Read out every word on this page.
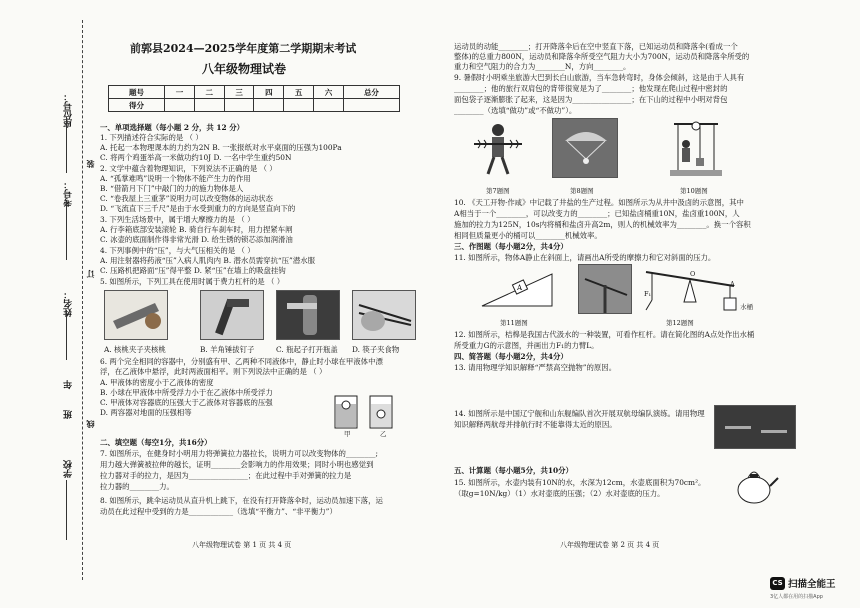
座位号：
考号：
姓名：
年
班
学校
装
订
线
前郭县2024—2025学年度第二学期期末考试
八年级物理试卷
题号	一	二	三	四	五	六	总分
得分							
一、单项选择题（每小题 2 分，共 12 分）
1. 下列描述符合实际的是 （ ）
A. 托起一本物理课本的力约为2N B. 一张报纸对水平桌面的压强为100Pa
C. 将两个鸡蛋举高一米做功约10J D. 一名中学生重约50N
2. 文学中蕴含着物理知识，下列说法不正确的是 （ ）
A. “孤掌难鸣”说明一个物体不能产生力的作用
B. “借箭月下门”中敲门的力的施力物体是人
C. “卷我屋上三重茅”说明力可以改变物体的运动状态
D. “飞流直下三千尺”是由于水受到重力的方向是竖直向下的
3. 下列生活场景中，属于增大摩擦力的是 （ ）
A. 行李箱底部安装滚轮 B. 骑自行车刹车时，用力捏紧车闸
C. 冰壶的底面制作得非常光滑 D. 给生锈的锁芯添加润滑油
4. 下列事例中的“压”，与大气压相关的是 （ ）
A. 用注射器将药液“压”入病人肌肉内 B. 潜水员需穿抗“压”潜水服
C. 压路机把路面“压”得平整 D. 紧“压”在墙上的吸盘挂钩
5. 如图所示，下列工具在使用时属于费力杠杆的是 （ ）
A. 核桃夹子夹核桃	B. 羊角锤拔钉子	C. 瓶起子打开瓶盖 D. 筷子夹食物
6. 两个完全相同的容器中，分别盛有甲、乙两种不同液体中，静止时小球在甲液体中漂
浮，在乙液体中悬浮，此时两液面相平。则下列说法中正确的是 （ ）
A. 甲液体的密度小于乙液体的密度
B. 小球在甲液体中所受浮力小于在乙液体中所受浮力
C. 甲液体对容器底的压强大于乙液体对容器底的压强
D. 两容器对地面的压强相等
甲	乙
二、填空题（每空1分，共16分）
7. 如图所示，在健身时小明用力将弹簧拉力器拉长，说明力可以改变物体的________;
用力越大弹簧被拉伸的越长，证明________会影响力的作用效果；同时小明也感觉到
拉力器对手的拉力，是因为________________；在此过程中手对弹簧的拉力是
拉力器的________力。
8. 如图所示，跳伞运动员从直升机上跳下，在没有打开降落伞时，运动员加速下落，运
动员在此过程中受到的力是____________（选填“平衡力”、“非平衡力”）
八年级物理试卷 第 1 页 共 4 页
运动员的动能________；打开降落伞后在空中竖直下落，已知运动员和降落伞(看成一个
整体)的总重力800N，运动员和降落伞所受空气阻力大小为700N，运动员和降落伞所受的
重力和空气阻力的合力为________N，方向________。
9. 暑假时小明乘坐旅游大巴到长白山旅游，当车急转弯时，身体会倾斜，这是由于人具有
________；他的旅行双肩包的背带很宽是为了________；他发现在爬山过程中密封的
面包袋子逐渐膨胀了起来，这是因为________________；在下山的过程中小明对背包
________（选填“做功”或“不做功”）。
第7题图	第8题图	第10题图
10. 《天工开物·作咸》中记载了井盐的生产过程。如图所示为从井中汲卤的示意图，其中
A相当于一个________，可以改变力的________；已知盐卤桶重10N，盐卤重100N，人
施加的拉力为125N，10s内将桶和盐卤升高2m，则人的机械效率为________。换一个容积
相同但质量更小的桶可以________机械效率。
三、作图题（每小题2分，共4分）
11. 如图所示，物体A静止在斜面上，请画出A所受的摩擦力和它对斜面的压力。
A
O
A
F₁
水桶
第11题图	第12题图
12. 如图所示，桔槔是我国古代汲水的一种装置，可看作杠杆。请在简化图的A点处作出水桶
所受重力G的示意图，并画出力F₁的力臂L。
四、简答题（每小题2分，共4分）
13. 请用物理学知识解释“严禁高空抛物”的原因。
14. 如图所示是中国辽宁舰和山东舰编队首次开展双航母编队演练。请用物理
知识解释两航母并排航行时不能靠得太近的原因。
五、计算题（每小题5分，共10分）
15. 如图所示，水壶内装有10N的水，水深为12cm，水壶底面积为70cm²。
（取g=10N/kg）（1）水对壶底的压强；（2）水对壶底的压力。
八年级物理试卷 第 2 页 共 4 页
CS 扫描全能王
3亿人都在用的扫描App
